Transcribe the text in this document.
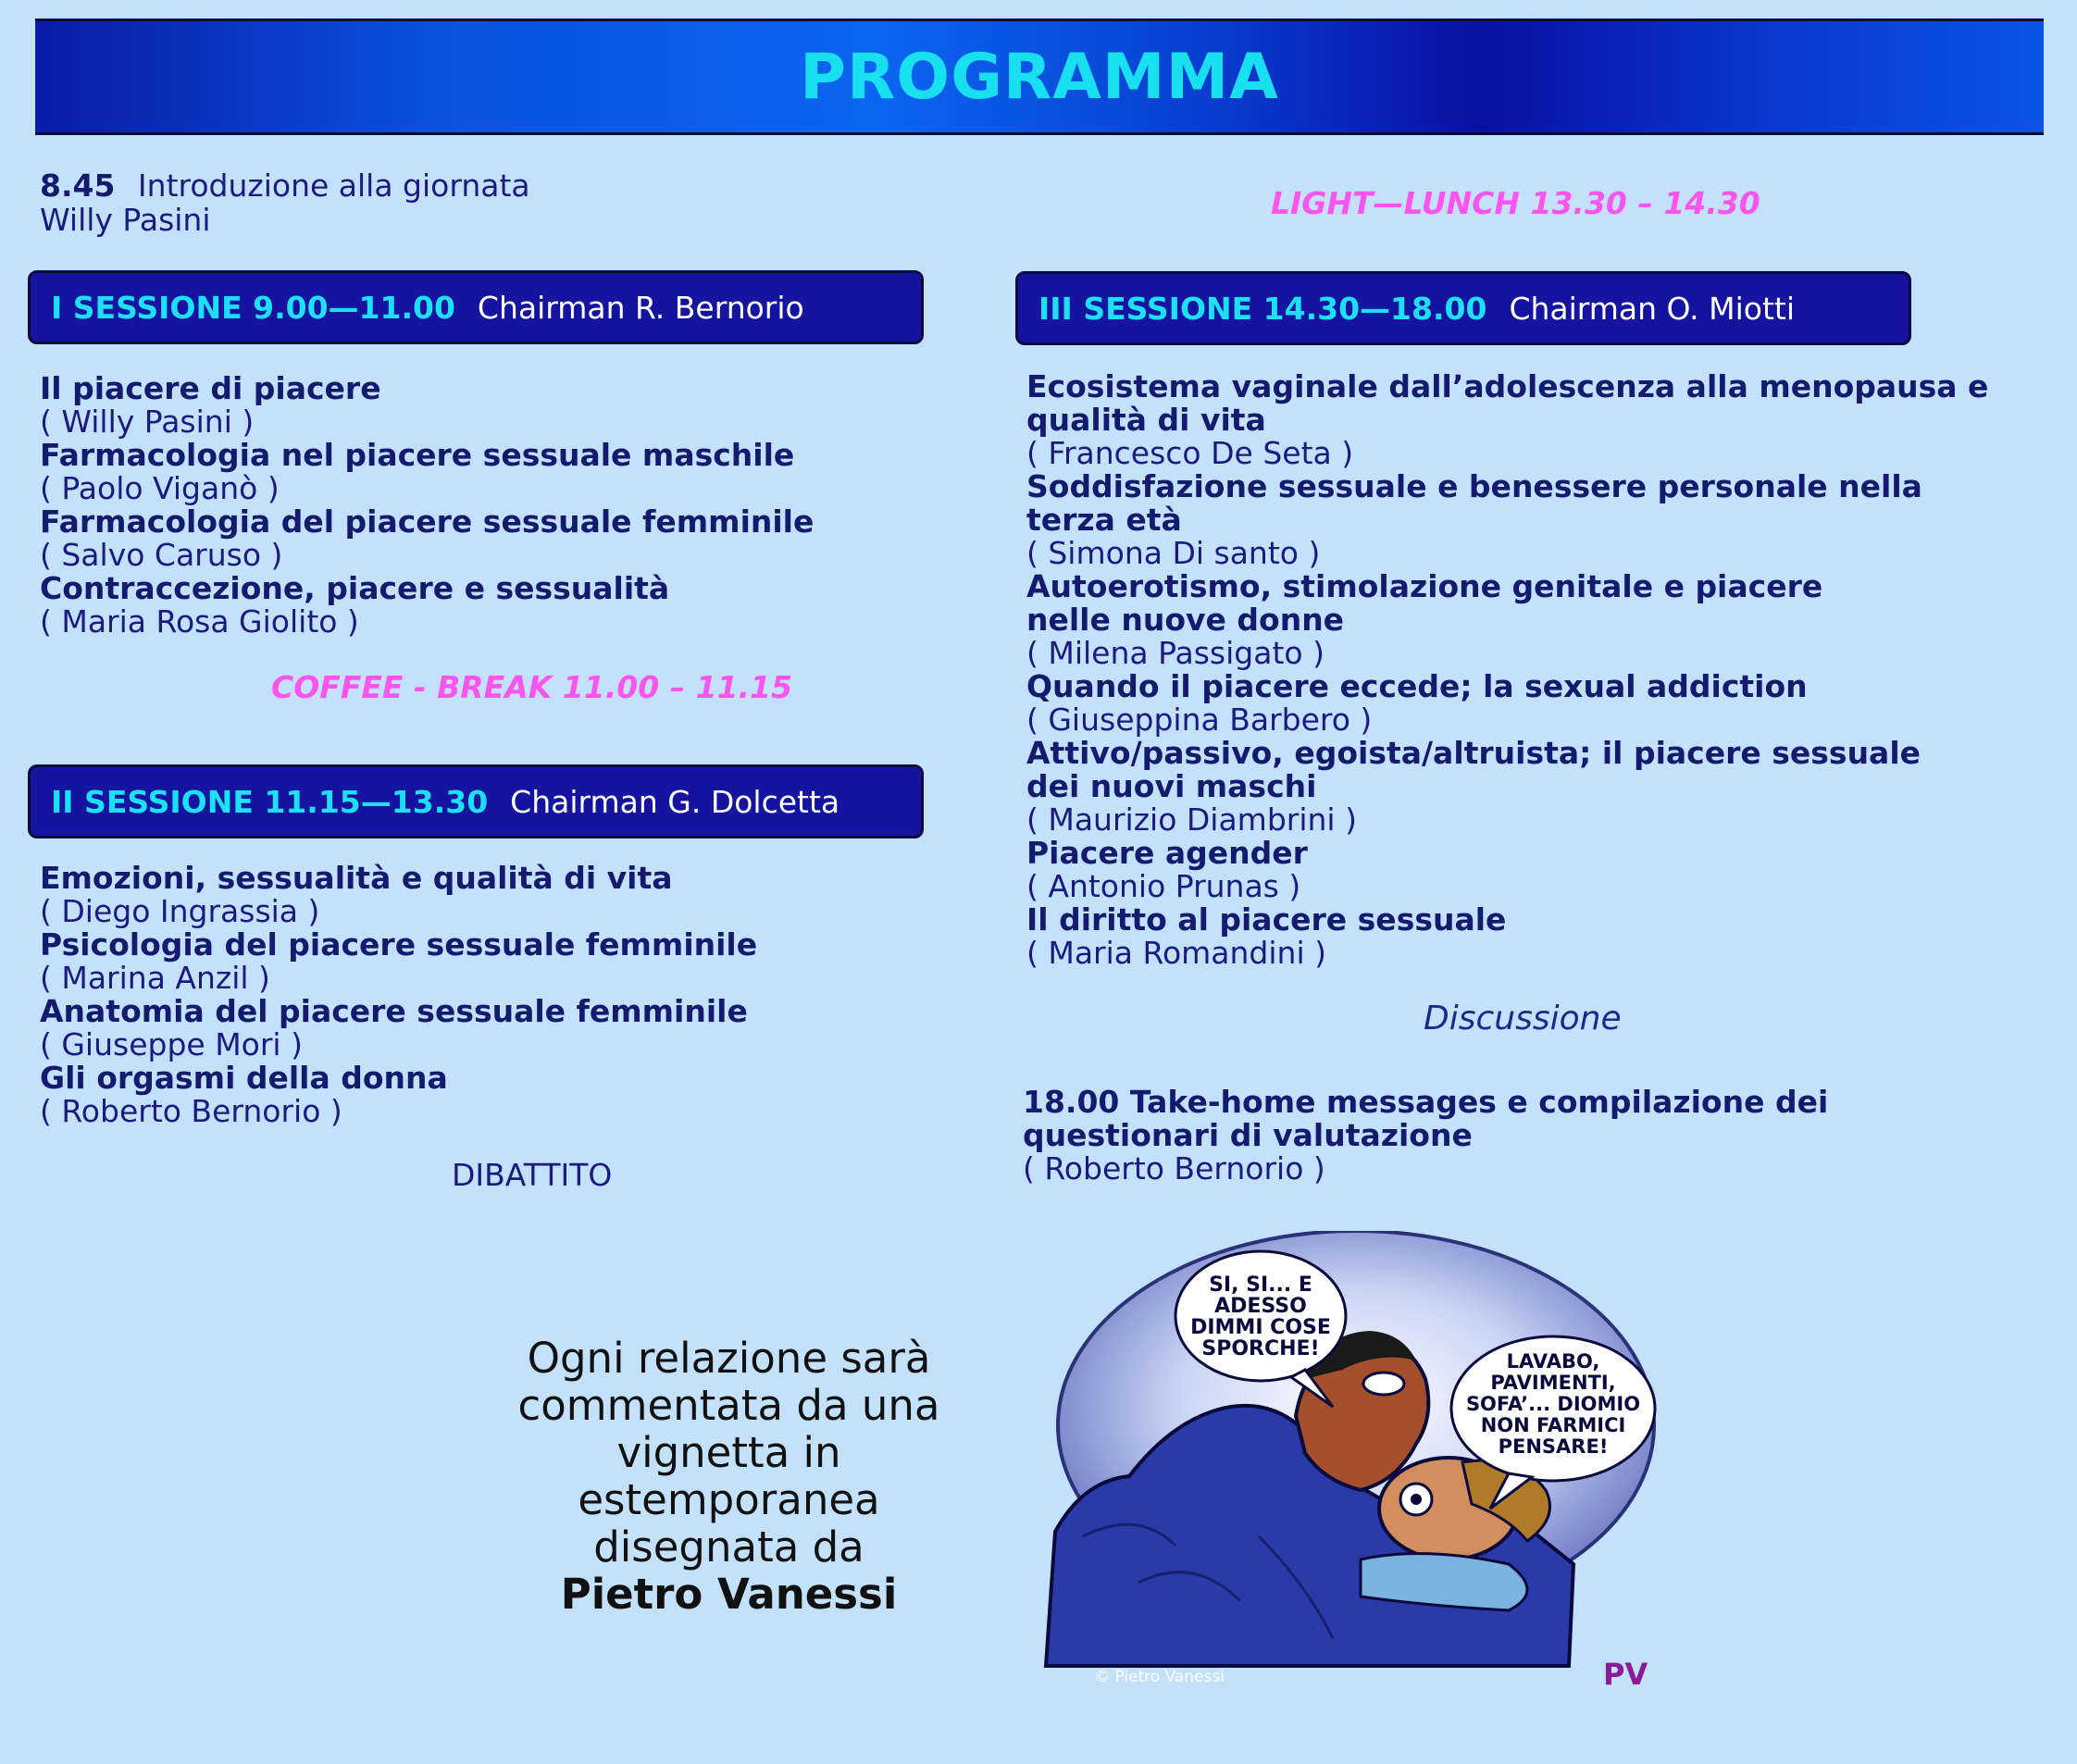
PROGRAMMA
8.45 Introduzione alla giornata
Willy Pasini	LIGHT—LUNCH 13.30 – 14.30
I SESSIONE 9.00—11.00 Chairman R. Bernorio
Il piacere di piacere
( Willy Pasini )
Farmacologia nel piacere sessuale maschile
( Paolo Viganò )
Farmacologia del piacere sessuale femminile
( Salvo Caruso )
Contraccezione, piacere e sessualità
( Maria Rosa Giolito )
COFFEE - BREAK 11.00 – 11.15
II SESSIONE 11.15—13.30 Chairman G. Dolcetta
Emozioni, sessualità e qualità di vita
( Diego Ingrassia )
Psicologia del piacere sessuale femminile
( Marina Anzil )
Anatomia del piacere sessuale femminile
( Giuseppe Mori )
Gli orgasmi della donna
( Roberto Bernorio )
DIBATTITO
III SESSIONE 14.30—18.00 Chairman O. Miotti
Ecosistema vaginale dall’adolescenza alla menopausa e
qualità di vita
( Francesco De Seta )
Soddisfazione sessuale e benessere personale nella
terza età
( Simona Di santo )
Autoerotismo, stimolazione genitale e piacere
nelle nuove donne
( Milena Passigato )
Quando il piacere eccede; la sexual addiction
( Giuseppina Barbero )
Attivo/passivo, egoista/altruista; il piacere sessuale
dei nuovi maschi
( Maurizio Diambrini )
Piacere agender
( Antonio Prunas )
Il diritto al piacere sessuale
( Maria Romandini )
Discussione
18.00 Take-home messages e compilazione dei
questionari di valutazione
( Roberto Bernorio )
Ogni relazione sarà
commentata da una
vignetta in
estemporanea
disegnata da
Pietro Vanessi
SI, SI... E
ADESSO
DIMMI COSE
SPORCHE!
LAVABO,
PAVIMENTI,
SOFA’... DIOMIO
NON FARMICI
PENSARE!
© Pietro Vanessi	PV
